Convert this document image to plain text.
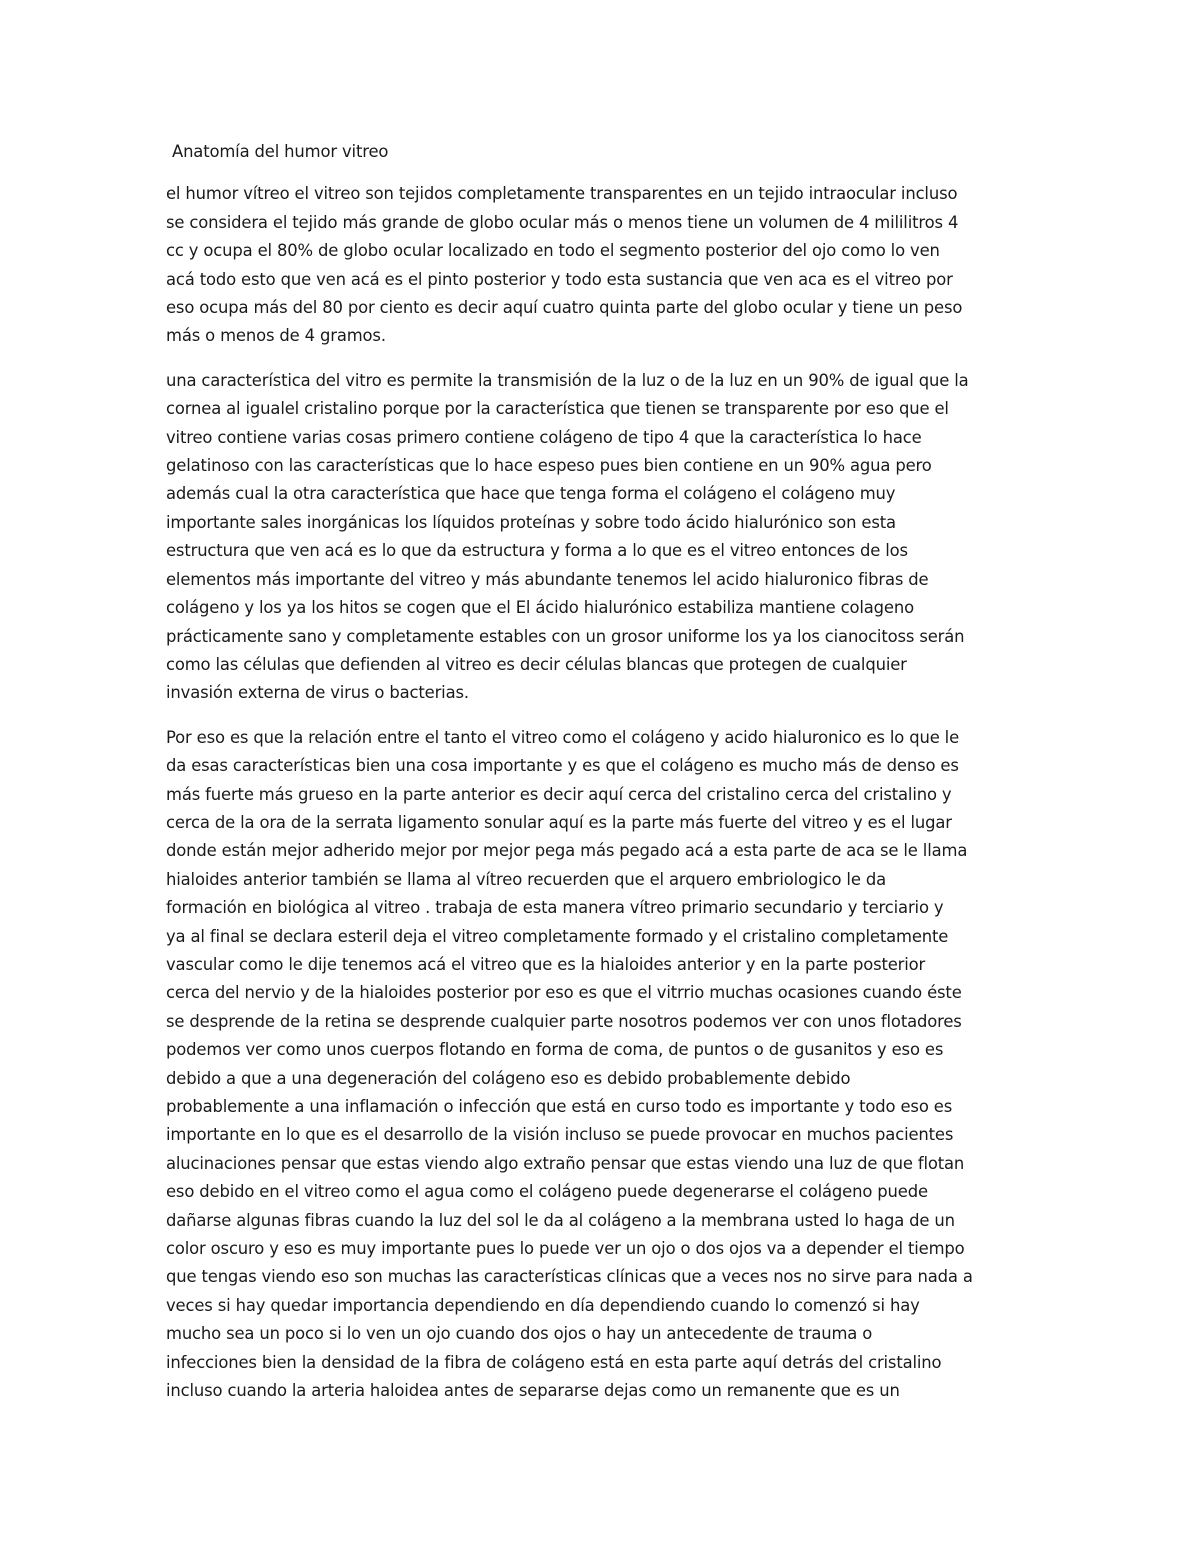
Anatomía del humor vitreo
el humor vítreo el vitreo son tejidos completamente transparentes en un tejido intraocular incluso
se considera el tejido más grande de globo ocular más o menos tiene un volumen de 4 mililitros 4
cc y ocupa el 80% de globo ocular localizado en todo el segmento posterior del ojo como lo ven
acá todo esto que ven acá es el pinto posterior y todo esta sustancia que ven aca es el vitreo por
eso ocupa más del 80 por ciento es decir aquí cuatro quinta parte del globo ocular y tiene un peso
más o menos de 4 gramos.
una característica del vitro es permite la transmisión de la luz o de la luz en un 90% de igual que la
cornea al igualel cristalino porque por la característica que tienen se transparente por eso que el
vitreo contiene varias cosas primero contiene colágeno de tipo 4 que la característica lo hace
gelatinoso con las características que lo hace espeso pues bien contiene en un 90% agua pero
además cual la otra característica que hace que tenga forma el colágeno el colágeno muy
importante sales inorgánicas los líquidos proteínas y sobre todo ácido hialurónico son esta
estructura que ven acá es lo que da estructura y forma a lo que es el vitreo entonces de los
elementos más importante del vitreo y más abundante tenemos lel acido hialuronico fibras de
colágeno y los ya los hitos se cogen que el El ácido hialurónico estabiliza mantiene colageno
prácticamente sano y completamente estables con un grosor uniforme los ya los cianocitoss serán
como las células que defienden al vitreo es decir células blancas que protegen de cualquier
invasión externa de virus o bacterias.
Por eso es que la relación entre el tanto el vitreo como el colágeno y acido hialuronico es lo que le
da esas características bien una cosa importante y es que el colágeno es mucho más de denso es
más fuerte más grueso en la parte anterior es decir aquí cerca del cristalino cerca del cristalino y
cerca de la ora de la serrata ligamento sonular aquí es la parte más fuerte del vitreo y es el lugar
donde están mejor adherido mejor por mejor pega más pegado acá a esta parte de aca se le llama
hialoides anterior también se llama al vítreo recuerden que el arquero embriologico le da
formación en biológica al vitreo . trabaja de esta manera vítreo primario secundario y terciario y
ya al final se declara esteril deja el vitreo completamente formado y el cristalino completamente
vascular como le dije tenemos acá el vitreo que es la hialoides anterior y en la parte posterior
cerca del nervio y de la hialoides posterior por eso es que el vitrrio muchas ocasiones cuando éste
se desprende de la retina se desprende cualquier parte nosotros podemos ver con unos flotadores
podemos ver como unos cuerpos flotando en forma de coma, de puntos o de gusanitos y eso es
debido a que a una degeneración del colágeno eso es debido probablemente debido
probablemente a una inflamación o infección que está en curso todo es importante y todo eso es
importante en lo que es el desarrollo de la visión incluso se puede provocar en muchos pacientes
alucinaciones pensar que estas viendo algo extraño pensar que estas viendo una luz de que flotan
eso debido en el vitreo como el agua como el colágeno puede degenerarse el colágeno puede
dañarse algunas fibras cuando la luz del sol le da al colágeno a la membrana usted lo haga de un
color oscuro y eso es muy importante pues lo puede ver un ojo o dos ojos va a depender el tiempo
que tengas viendo eso son muchas las características clínicas que a veces nos no sirve para nada a
veces si hay quedar importancia dependiendo en día dependiendo cuando lo comenzó si hay
mucho sea un poco si lo ven un ojo cuando dos ojos o hay un antecedente de trauma o
infecciones bien la densidad de la fibra de colágeno está en esta parte aquí detrás del cristalino
incluso cuando la arteria haloidea antes de separarse dejas como un remanente que es un
